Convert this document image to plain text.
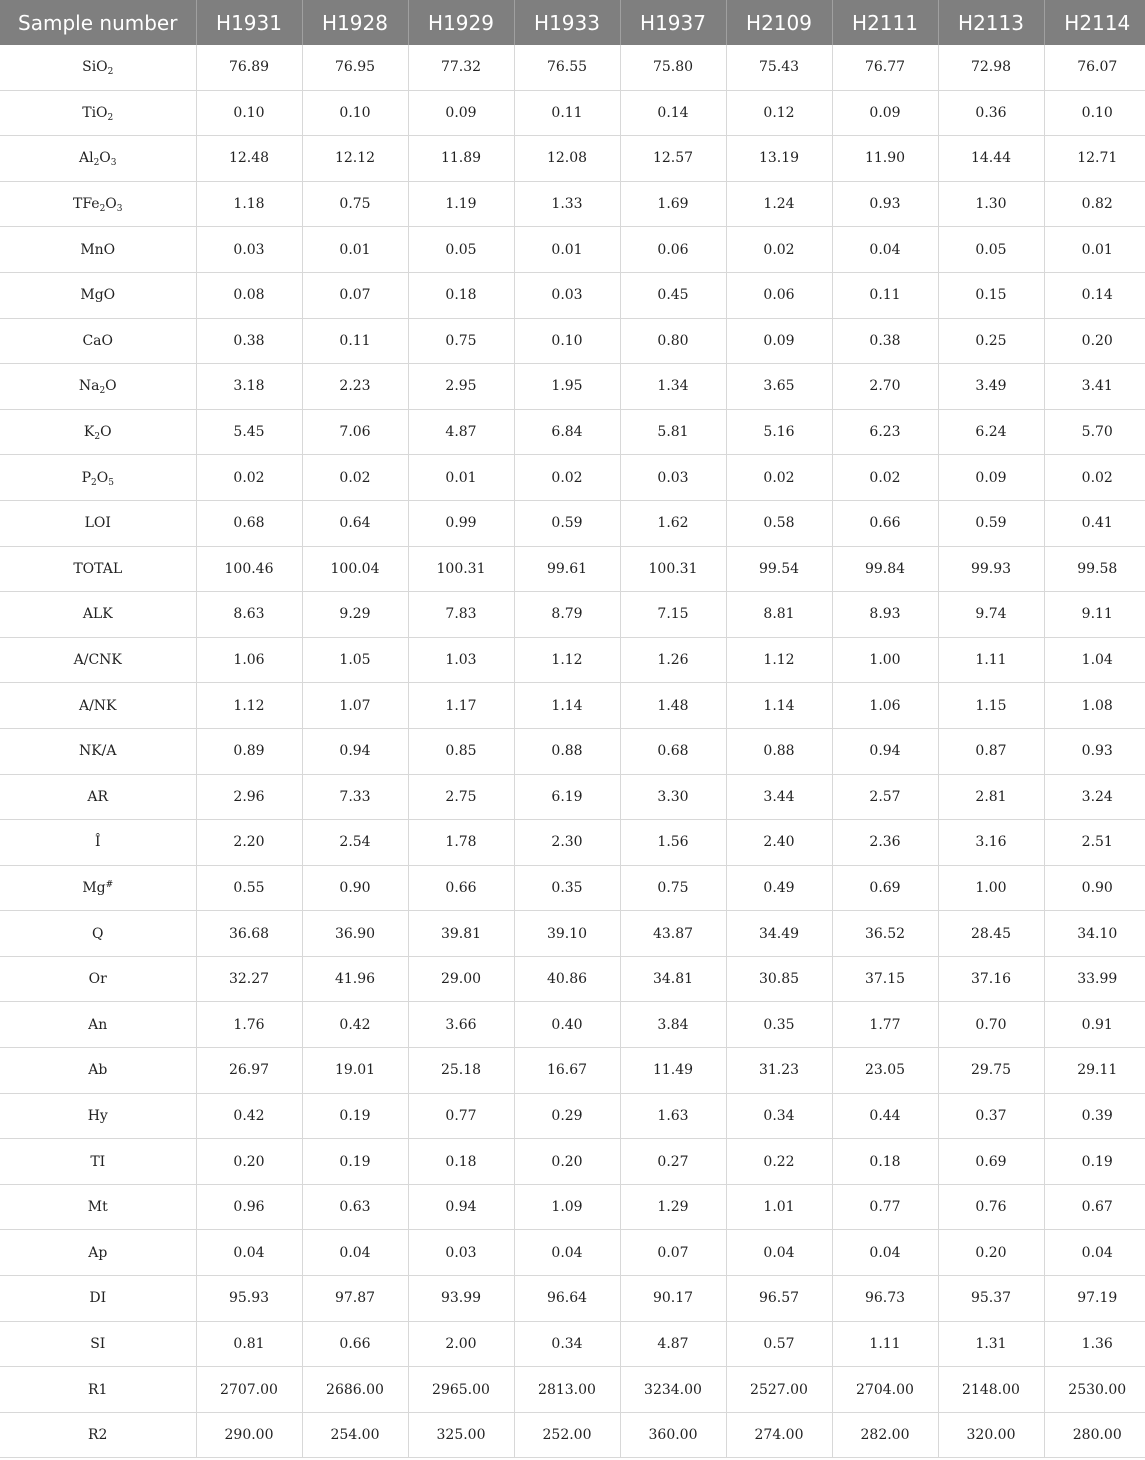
Sample number	H1931	H1928	H1929	H1933	H1937	H2109	H2111	H2113	H2114
SiO$_2$	76.89	76.95	77.32	76.55	75.80	75.43	76.77	72.98	76.07
TiO$_2$	0.10	0.10	0.09	0.11	0.14	0.12	0.09	0.36	0.10
$Al_2O_3$	12.48	12.12	11.89	12.08	12.57	13.19	11.90	14.44	12.71
$TFe_2O_3$	1.18	0.75	1.19	1.33	1.69	1.24	0.93	1.30	0.82
MnO	0.03	0.01	0.05	0.01	0.06	0.02	0.04	0.05	0.01
MgO	0.08	0.07	0.18	0.03	0.45	0.06	0.11	0.15	0.14
CaO	0.38	0.11	0.75	0.10	0.80	0.09	0.38	0.25	0.20
$Na_2O$	3.18	2.23	2.95	1.95	1.34	3.65	2.70	3.49	3.41
$K_2O$	5.45	7.06	4.87	6.84	5.81	5.16	6.23	6.24	5.70
$P_2O_5$	0.02	0.02	0.01	0.02	0.03	0.02	0.02	0.09	0.02
LOI	0.68	0.64	0.99	0.59	1.62	0.58	0.66	0.59	0.41
TOTAL	100.46	100.04	100.31	99.61	100.31	99.54	99.84	99.93	99.58
ALK	8.63	9.29	7.83	8.79	7.15	8.81	8.93	9.74	9.11
A/CNK	1.06	1.05	1.03	1.12	1.26	1.12	1.00	1.11	1.04
A/NK	1.12	1.07	1.17	1.14	1.48	1.14	1.06	1.15	1.08
NK/A	0.89	0.94	0.85	0.88	0.68	0.88	0.94	0.87	0.93
AR	2.96	7.33	2.75	6.19	3.30	3.44	2.57	2.81	3.24
Î	2.20	2.54	1.78	2.30	1.56	2.40	2.36	3.16	2.51
Mg#	0.55	0.90	0.66	0.35	0.75	0.49	0.69	1.00	0.90
Q	36.68	36.90	39.81	39.10	43.87	34.49	36.52	28.45	34.10
Or	32.27	41.96	29.00	40.86	34.81	30.85	37.15	37.16	33.99
An	1.76	0.42	3.66	0.40	3.84	0.35	1.77	0.70	0.91
Ab	26.97	19.01	25.18	16.67	11.49	31.23	23.05	29.75	29.11
Hy	0.42	0.19	0.77	0.29	1.63	0.34	0.44	0.37	0.39
TI	0.20	0.19	0.18	0.20	0.27	0.22	0.18	0.69	0.19
Mt	0.96	0.63	0.94	1.09	1.29	1.01	0.77	0.76	0.67
Ap	0.04	0.04	0.03	0.04	0.07	0.04	0.04	0.20	0.04
DI	95.93	97.87	93.99	96.64	90.17	96.57	96.73	95.37	97.19
SI	0.81	0.66	2.00	0.34	4.87	0.57	1.11	1.31	1.36
R1	2707.00	2686.00	2965.00	2813.00	3234.00	2527.00	2704.00	2148.00	2530.00
R2	290.00	254.00	325.00	252.00	360.00	274.00	282.00	320.00	280.00
